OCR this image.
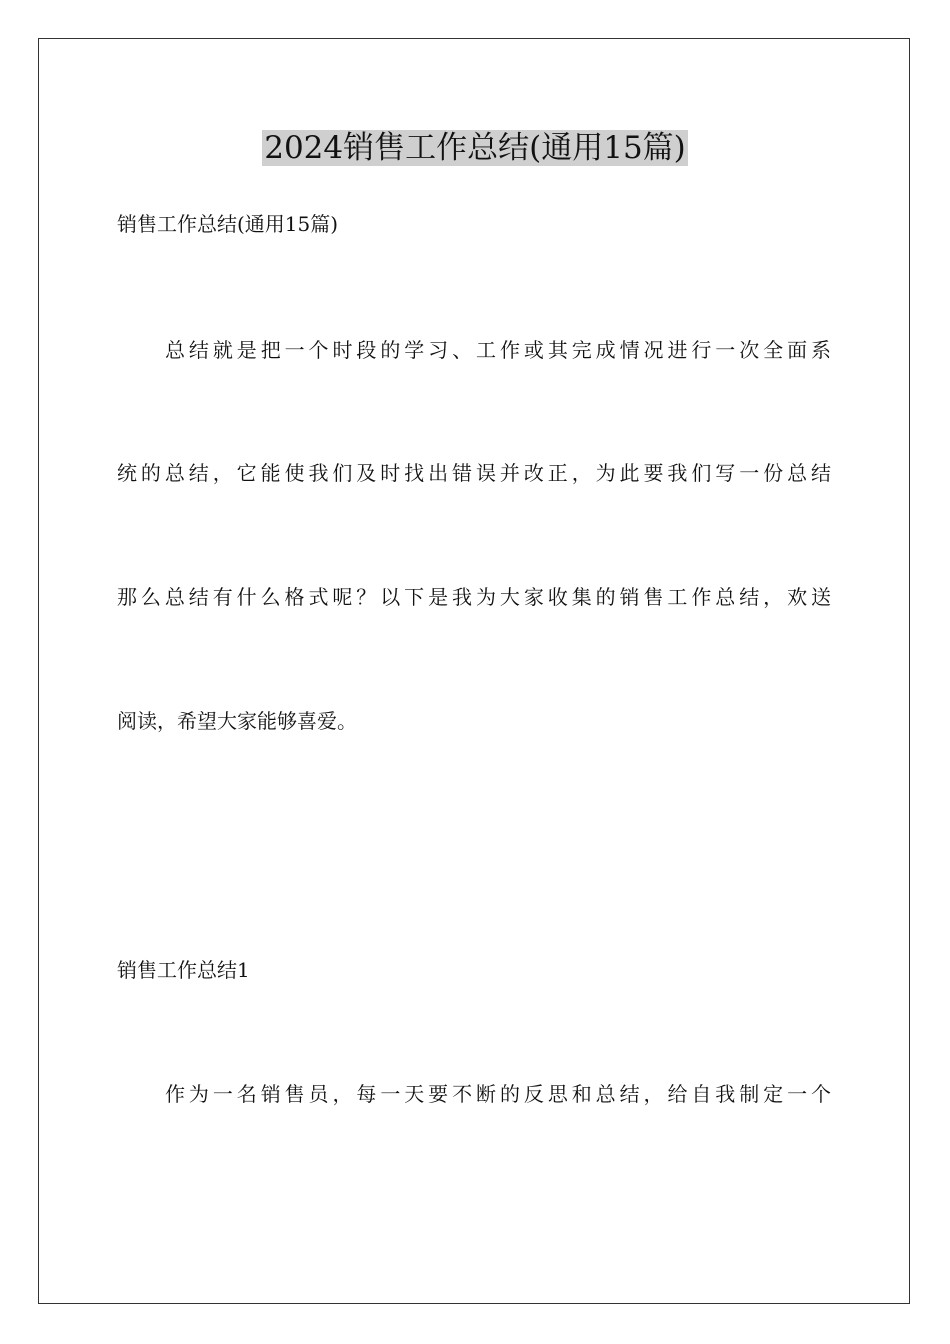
2024销售工作总结(通用15篇)
销售工作总结(通用15篇)
总结就是把一个时段的学习、工作或其完成情况进行一次全面系
统的总结，它能使我们及时找出错误并改正，为此要我们写一份总结
那么总结有什么格式呢？以下是我为大家收集的销售工作总结，欢送
阅读，希望大家能够喜爱。
销售工作总结1
作为一名销售员，每一天要不断的反思和总结，给自我制定一个
